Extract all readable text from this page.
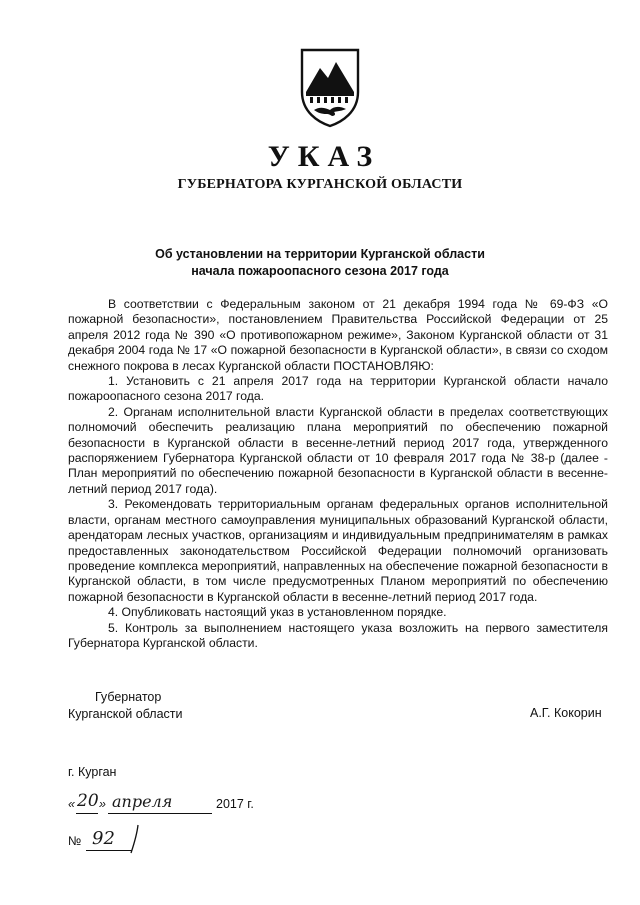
УКАЗ
ГУБЕРНАТОРА КУРГАНСКОЙ ОБЛАСТИ
Об установлении на территории Курганской области
начала пожароопасного сезона 2017 года

В соответствии с Федеральным законом от 21 декабря 1994 года № 69-ФЗ «О пожарной безопасности», постановлением Правительства Российской Федерации от 25 апреля 2012 года № 390 «О противопожарном режиме», Законом Курганской области от 31 декабря 2004 года № 17 «О пожарной безопасности в Курганской области», в связи со сходом снежного покрова в лесах Курганской области ПОСТАНОВЛЯЮ:

1. Установить с 21 апреля 2017 года на территории Курганской области начало пожароопасного сезона 2017 года.

2. Органам исполнительной власти Курганской области в пределах соответствующих полномочий обеспечить реализацию плана мероприятий по обеспечению пожарной безопасности в Курганской области в весенне-летний период 2017 года, утвержденного распоряжением Губернатора Курганской области от 10 февраля 2017 года № 38-р (далее - План мероприятий по обеспечению пожарной безопасности в Курганской области в весенне-летний период 2017 года).

3. Рекомендовать территориальным органам федеральных органов исполнительной власти, органам местного самоуправления муниципальных образований Курганской области, арендаторам лесных участков, организациям и индивидуальным предпринимателям в рамках предоставленных законодательством Российской Федерации полномочий организовать проведение комплекса мероприятий, направленных на обеспечение пожарной безопасности в Курганской области, в том числе предусмотренных Планом мероприятий по обеспечению пожарной безопасности в Курганской области в весенне-летний период 2017 года.

4. Опубликовать настоящий указ в установленном порядке.

5. Контроль за выполнением настоящего указа возложить на первого заместителя Губернатора Курганской области.

Губернатор
Курганской области	А.Г. Кокорин
г. Курган
« 20 » апреля	2017 г.
№ 92
